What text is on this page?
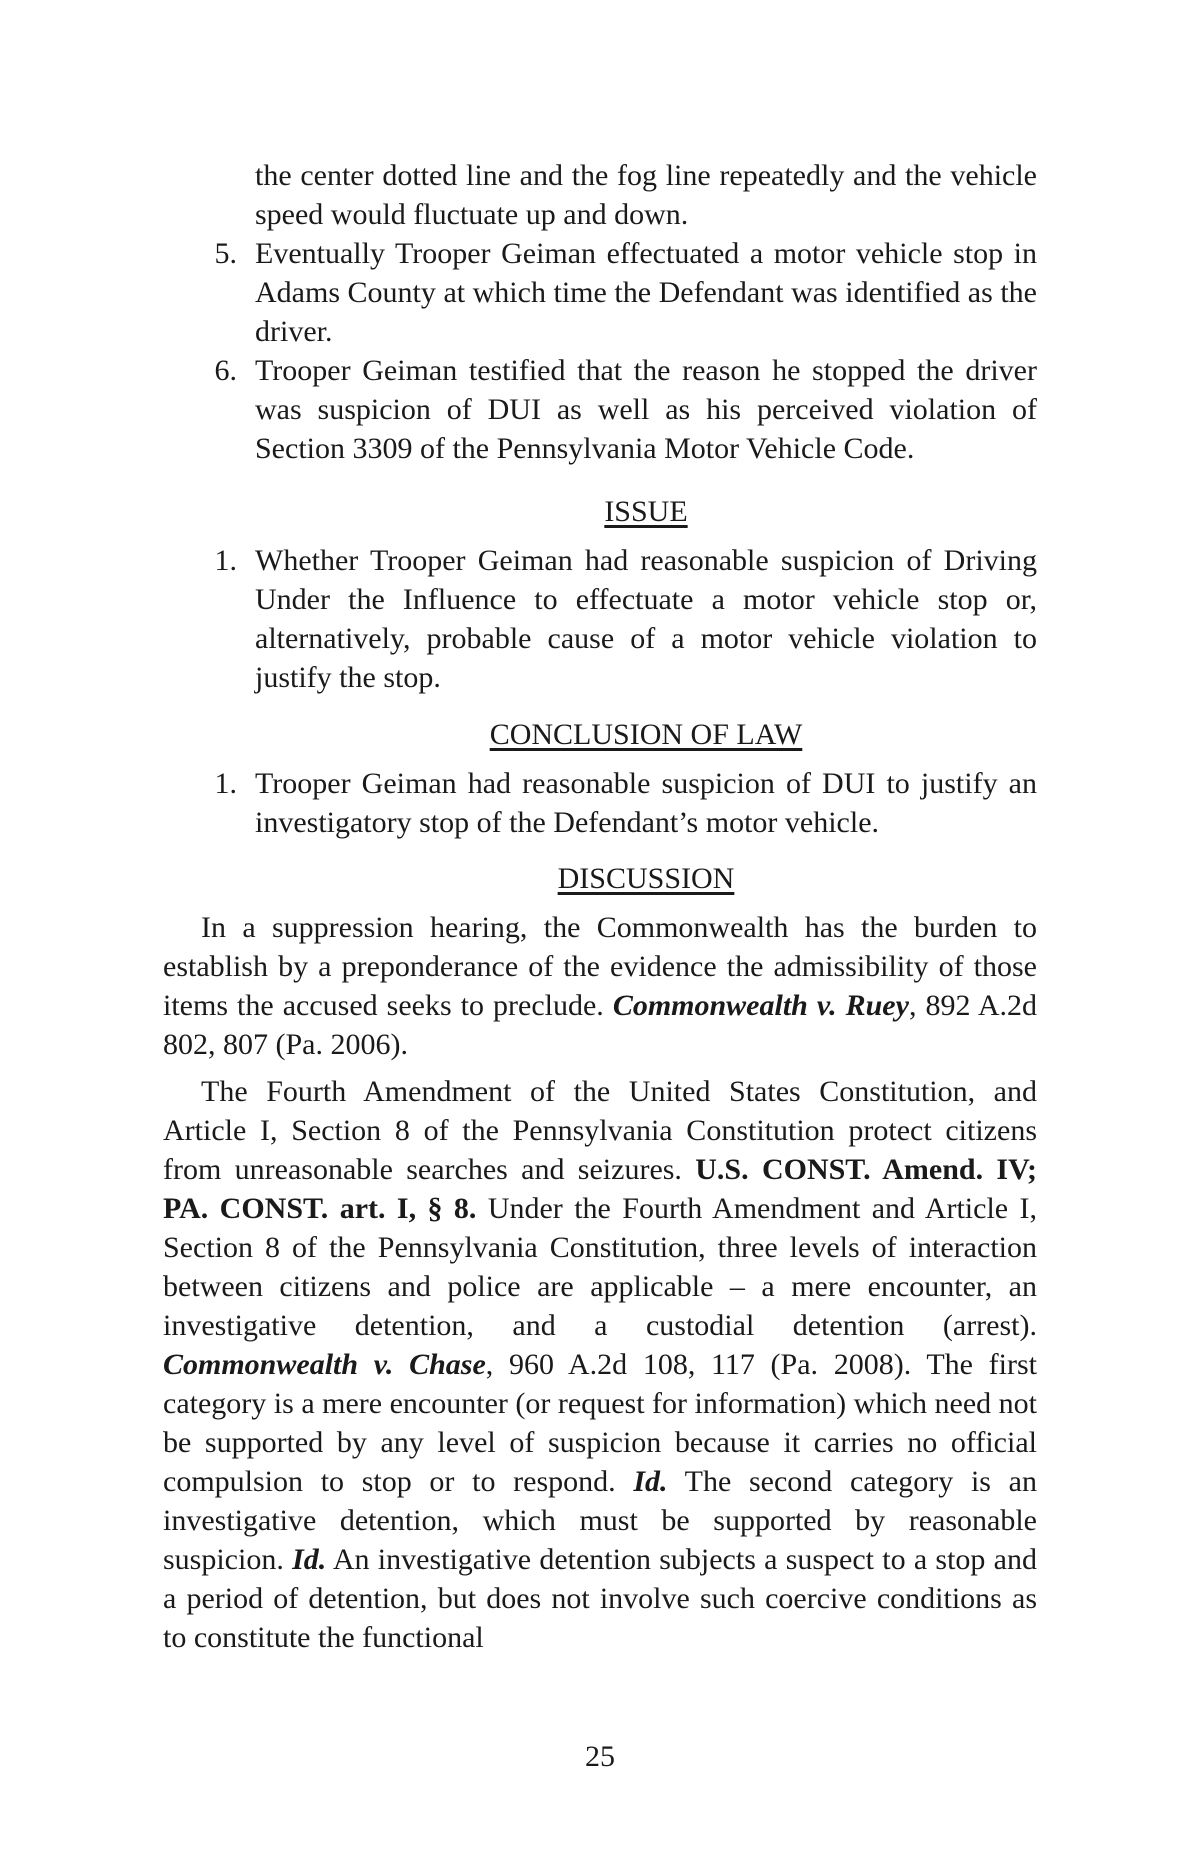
the center dotted line and the fog line repeatedly and the vehicle speed would fluctuate up and down.
5. Eventually Trooper Geiman effectuated a motor vehicle stop in Adams County at which time the Defendant was identified as the driver.
6. Trooper Geiman testified that the reason he stopped the driver was suspicion of DUI as well as his perceived violation of Section 3309 of the Pennsylvania Motor Vehicle Code.
ISSUE
1. Whether Trooper Geiman had reasonable suspicion of Driving Under the Influence to effectuate a motor vehicle stop or, alternatively, probable cause of a motor vehicle violation to justify the stop.
CONCLUSION OF LAW
1. Trooper Geiman had reasonable suspicion of DUI to justify an investigatory stop of the Defendant’s motor vehicle.
DISCUSSION
In a suppression hearing, the Commonwealth has the burden to establish by a preponderance of the evidence the admissibility of those items the accused seeks to preclude. Commonwealth v. Ruey, 892 A.2d 802, 807 (Pa. 2006).
The Fourth Amendment of the United States Constitution, and Article I, Section 8 of the Pennsylvania Constitution protect citizens from unreasonable searches and seizures. U.S. CONST. Amend. IV; PA. CONST. art. I, § 8. Under the Fourth Amendment and Article I, Section 8 of the Pennsylvania Constitution, three levels of interaction between citizens and police are applicable – a mere encounter, an investigative detention, and a custodial detention (arrest). Commonwealth v. Chase, 960 A.2d 108, 117 (Pa. 2008). The first category is a mere encounter (or request for information) which need not be supported by any level of suspicion because it carries no official compulsion to stop or to respond. Id. The second category is an investigative detention, which must be supported by reasonable suspicion. Id. An investigative detention subjects a suspect to a stop and a period of detention, but does not involve such coercive conditions as to constitute the functional
25
